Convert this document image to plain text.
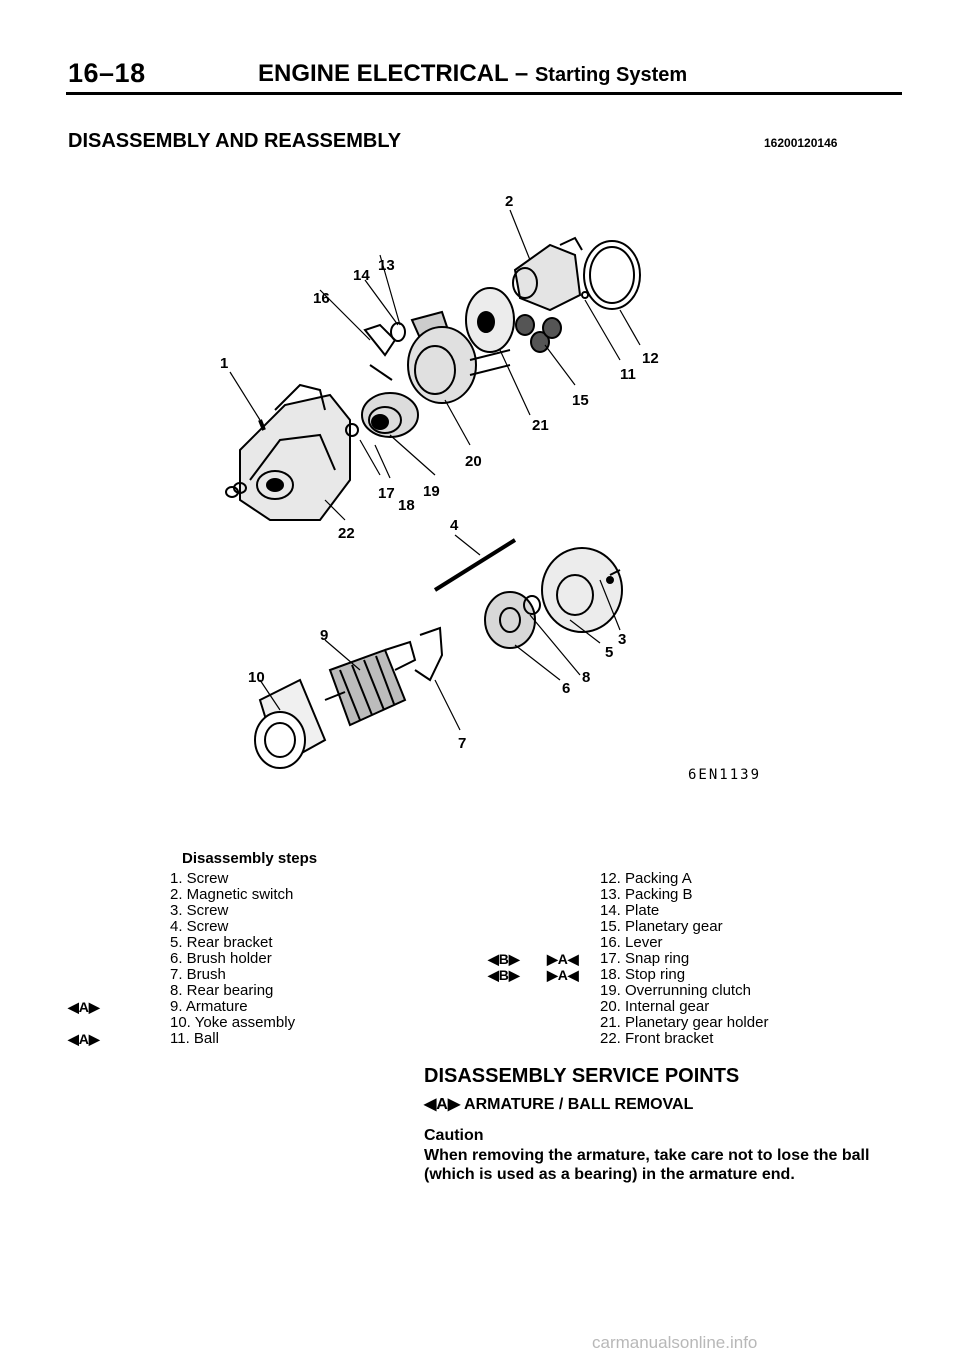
16–18	ENGINE ELECTRICAL – Starting System
DISASSEMBLY AND REASSEMBLY	16200120146
1
2
3
4
5
6
7
8
9
10
11
12
13
14
15
16
17
18
19
20
21
22
6EN1139
Disassembly steps
1. Screw
2. Magnetic switch
3. Screw
4. Screw
5. Rear bracket
6. Brush holder
7. Brush
8. Rear bearing
◀A▶	9. Armature
10. Yoke assembly
◀A▶	11. Ball
12. Packing A
13. Packing B
14. Plate
15. Planetary gear
16. Lever
◀B▶ ▶A◀ 17. Snap ring
◀B▶ ▶A◀ 18. Stop ring
19. Overrunning clutch
20. Internal gear
21. Planetary gear holder
22. Front bracket
DISASSEMBLY SERVICE POINTS
◀A▶ ARMATURE / BALL REMOVAL
Caution
When removing the armature, take care not to lose the ball (which is used as a bearing) in the armature end.
carmanualsonline.info
